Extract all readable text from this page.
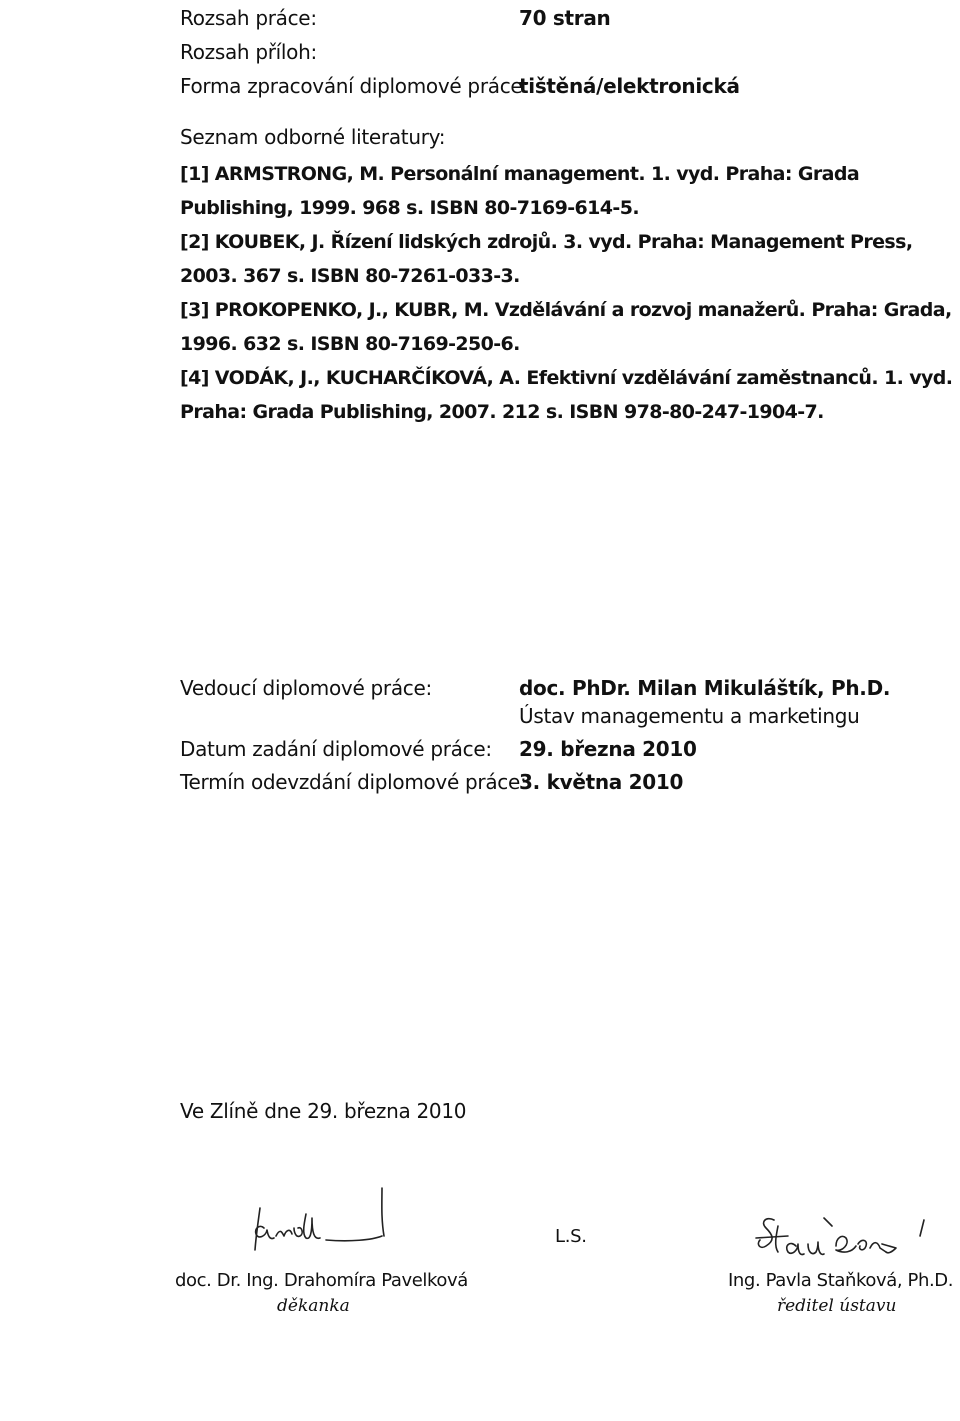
Rozsah práce:	70 stran
Rozsah příloh:
Forma zpracování diplomové práce:
tištěná/elektronická
Seznam odborné literatury:
[1] ARMSTRONG, M. Personální management. 1. vyd. Praha: Grada Publishing, 1999. 968 s. ISBN 80-7169-614-5.
[2] KOUBEK, J. Řízení lidských zdrojů. 3. vyd. Praha: Management Press, 2003. 367 s. ISBN 80-7261-033-3.
[3] PROKOPENKO, J., KUBR, M. Vzdělávání a rozvoj manažerů. Praha: Grada, 1996. 632 s. ISBN 80-7169-250-6.
[4] VODÁK, J., KUCHARČÍKOVÁ, A. Efektivní vzdělávání zaměstnanců. 1. vyd. Praha: Grada Publishing, 2007. 212 s. ISBN 978-80-247-1904-7.
Vedoucí diplomové práce:	doc. PhDr. Milan Mikuláštík, Ph.D.
Ústav managementu a marketingu
Datum zadání diplomové práce: 29. března 2010
Termín odevzdání diplomové práce:
3. května 2010
Ve Zlíně dne 29. března 2010
L.S.
doc. Dr. Ing. Drahomíra Pavelková
děkanka
Ing. Pavla Staňková, Ph.D.
ředitel ústavu
